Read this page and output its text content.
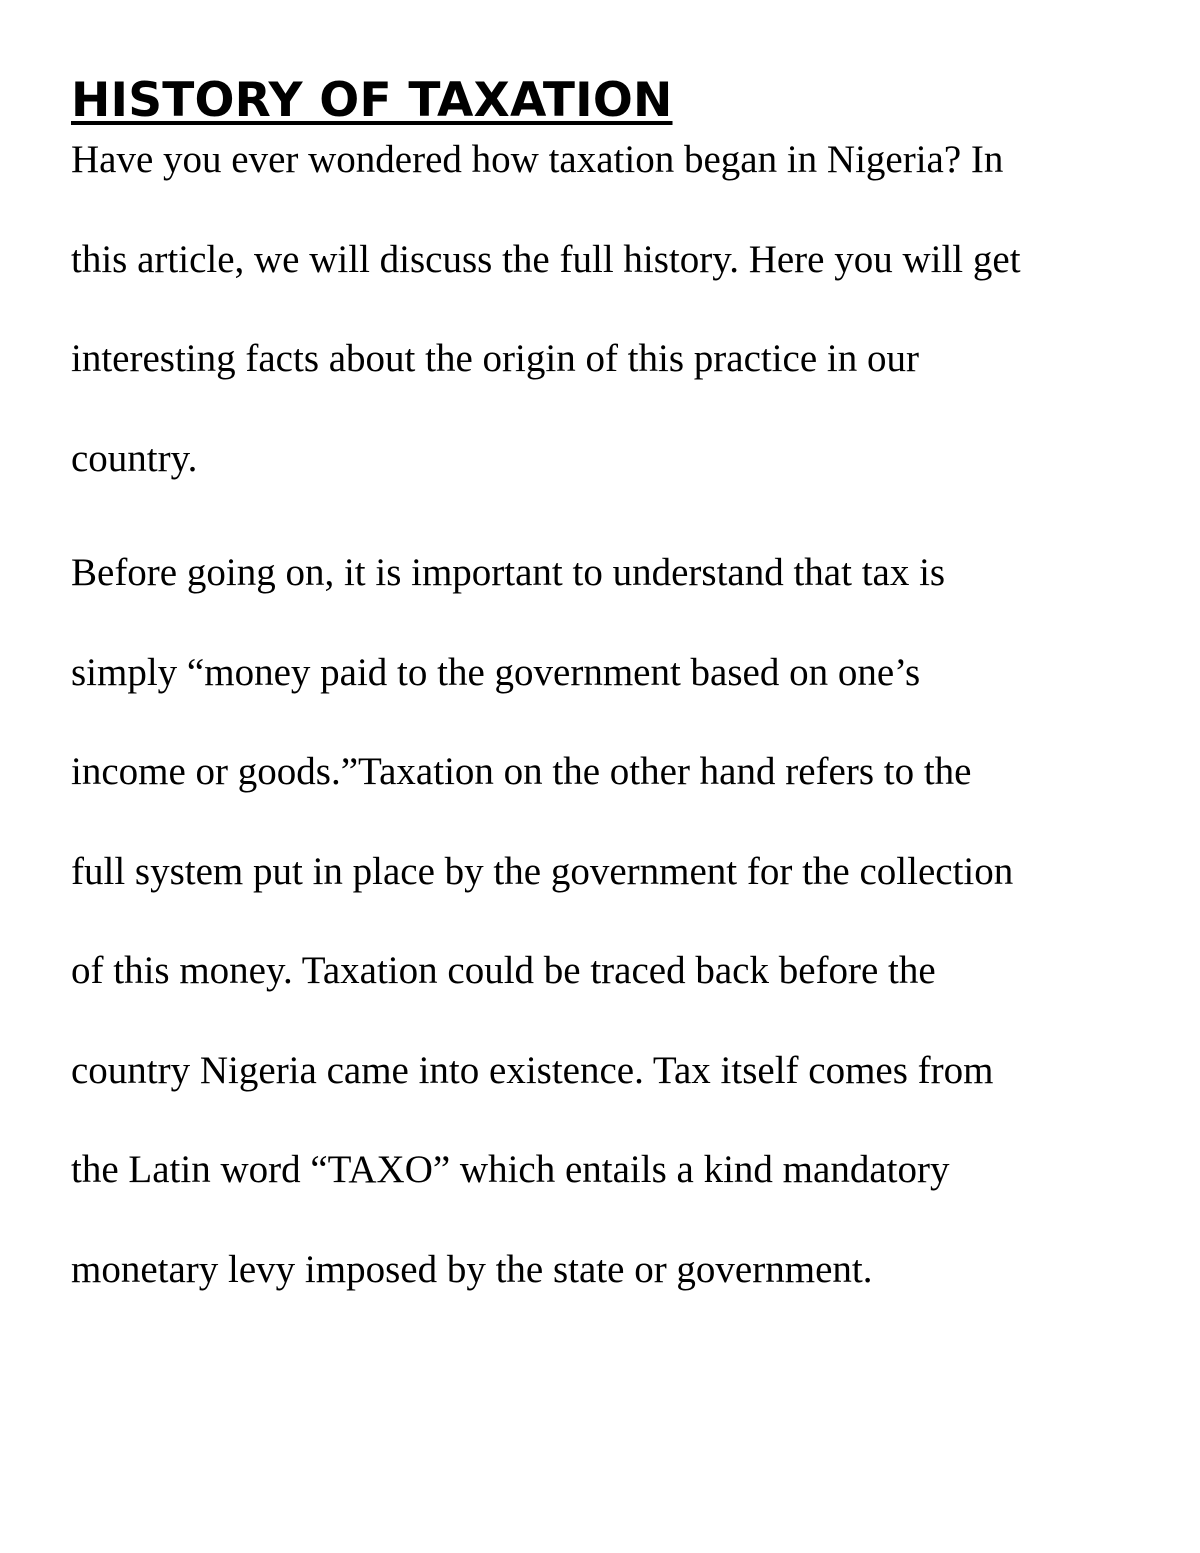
HISTORY OF TAXATION

Have you ever wondered how taxation began in Nigeria? In
this article, we will discuss the full history. Here you will get
interesting facts about the origin of this practice in our
country.

Before going on, it is important to understand that tax is
simply “money paid to the government based on one’s
income or goods.”Taxation on the other hand refers to the
full system put in place by the government for the collection
of this money. Taxation could be traced back before the
country Nigeria came into existence. Tax itself comes from
the Latin word “TAXO” which entails a kind mandatory
monetary levy imposed by the state or government.
